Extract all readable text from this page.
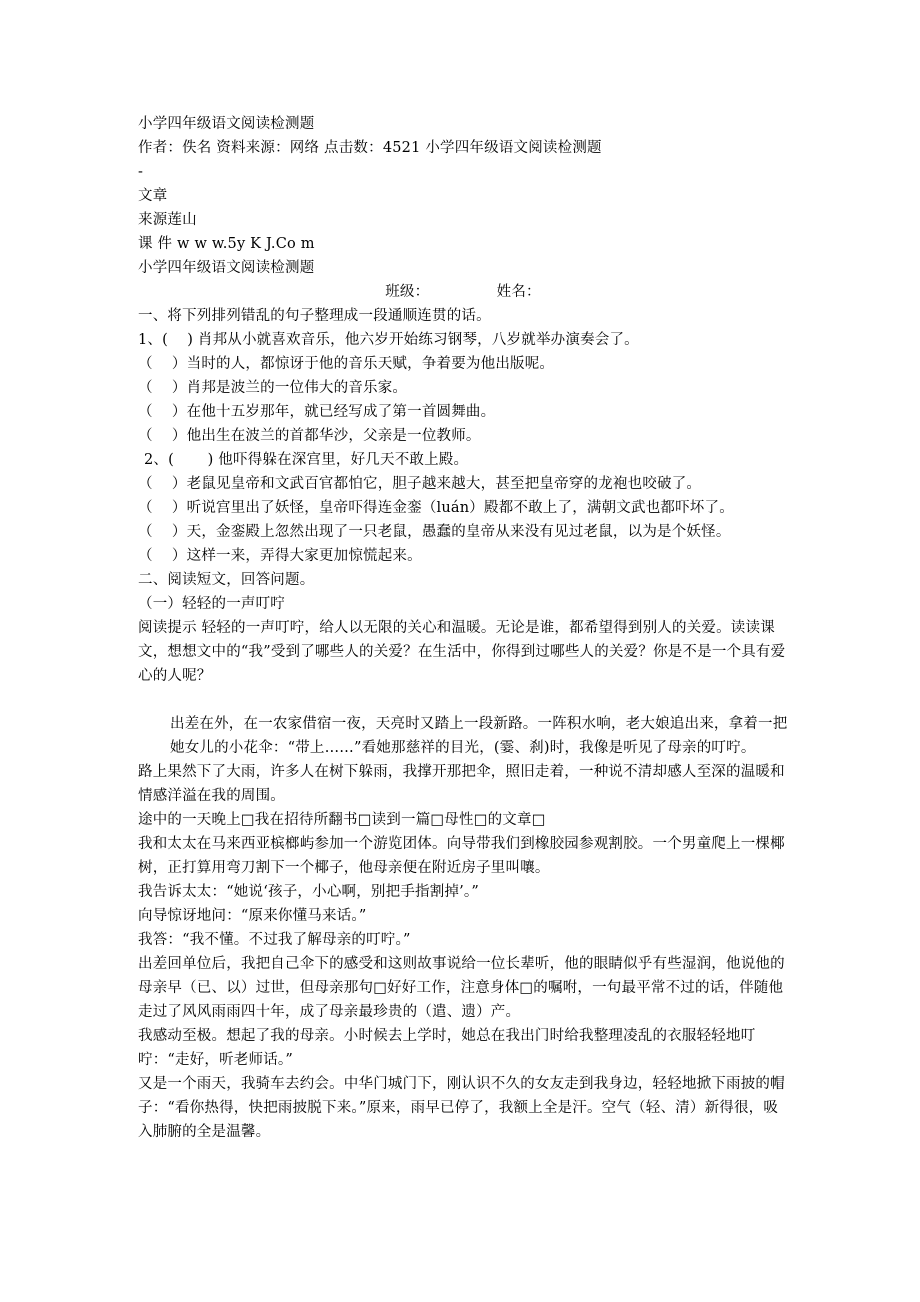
小学四年级语文阅读检测题
作者：佚名 资料来源：网络 点击数：4521 小学四年级语文阅读检测题
-
文章
来源莲山
课 件 w w w.5y K J.Co m
小学四年级语文阅读检测题
班级：              姓名：
一、将下列排列错乱的句子整理成一段通顺连贯的话。
1、(    ) 肖邦从小就喜欢音乐，他六岁开始练习钢琴，八岁就举办演奏会了。
（    ）当时的人，都惊讶于他的音乐天赋，争着要为他出版呢。
（    ）肖邦是波兰的一位伟大的音乐家。
（    ）在他十五岁那年，就已经写成了第一首圆舞曲。
（    ）他出生在波兰的首都华沙，父亲是一位教师。
2、(       ) 他吓得躲在深宫里，好几天不敢上殿。
（    ）老鼠见皇帝和文武百官都怕它，胆子越来越大，甚至把皇帝穿的龙袍也咬破了。
（    ）听说宫里出了妖怪，皇帝吓得连金銮（luán）殿都不敢上了，满朝文武也都吓坏了。
（    ）天，金銮殿上忽然出现了一只老鼠，愚蠢的皇帝从来没有见过老鼠，以为是个妖怪。
（    ）这样一来，弄得大家更加惊慌起来。
二、阅读短文，回答问题。
（一）轻轻的一声叮咛
阅读提示 轻轻的一声叮咛，给人以无限的关心和温暖。无论是谁，都希望得到别人的关爱。读读课文，想想文中的“我”受到了哪些人的关爱？在生活中，你得到过哪些人的关爱？你是不是一个具有爱心的人呢？
出差在外，在一农家借宿一夜，天亮时又踏上一段新路。一阵积水响，老大娘追出来，拿着一把她女儿的小花伞：“带上……”看她那慈祥的目光，(霎、刹)时，我像是听见了母亲的叮咛。
路上果然下了大雨，许多人在树下躲雨，我撑开那把伞，照旧走着，一种说不清却感人至深的温暖和情感洋溢在我的周围。
途中的一天晚上□我在招待所翻书□读到一篇□母性□的文章□
我和太太在马来西亚槟榔屿参加一个游览团体。向导带我们到橡胶园参观割胶。一个男童爬上一棵椰树，正打算用弯刀割下一个椰子，他母亲便在附近房子里叫嚷。
我告诉太太：“她说‘孩子，小心啊，别把手指割掉’。”
向导惊讶地问：“原来你懂马来话。”
我答：“我不懂。不过我了解母亲的叮咛。”
出差回单位后，我把自己伞下的感受和这则故事说给一位长辈听，他的眼睛似乎有些湿润，他说他的母亲早（已、以）过世，但母亲那句□好好工作，注意身体□的嘱咐，一句最平常不过的话，伴随他走过了风风雨雨四十年，成了母亲最珍贵的（遣、遗）产。
我感动至极。想起了我的母亲。小时候去上学时，她总在我出门时给我整理凌乱的衣服轻轻地叮咛：“走好，听老师话。”
又是一个雨天，我骑车去约会。中华门城门下，刚认识不久的女友走到我身边，轻轻地掀下雨披的帽子：“看你热得，快把雨披脱下来。”原来，雨早已停了，我额上全是汗。空气（轻、清）新得很，吸入肺腑的全是温馨。
